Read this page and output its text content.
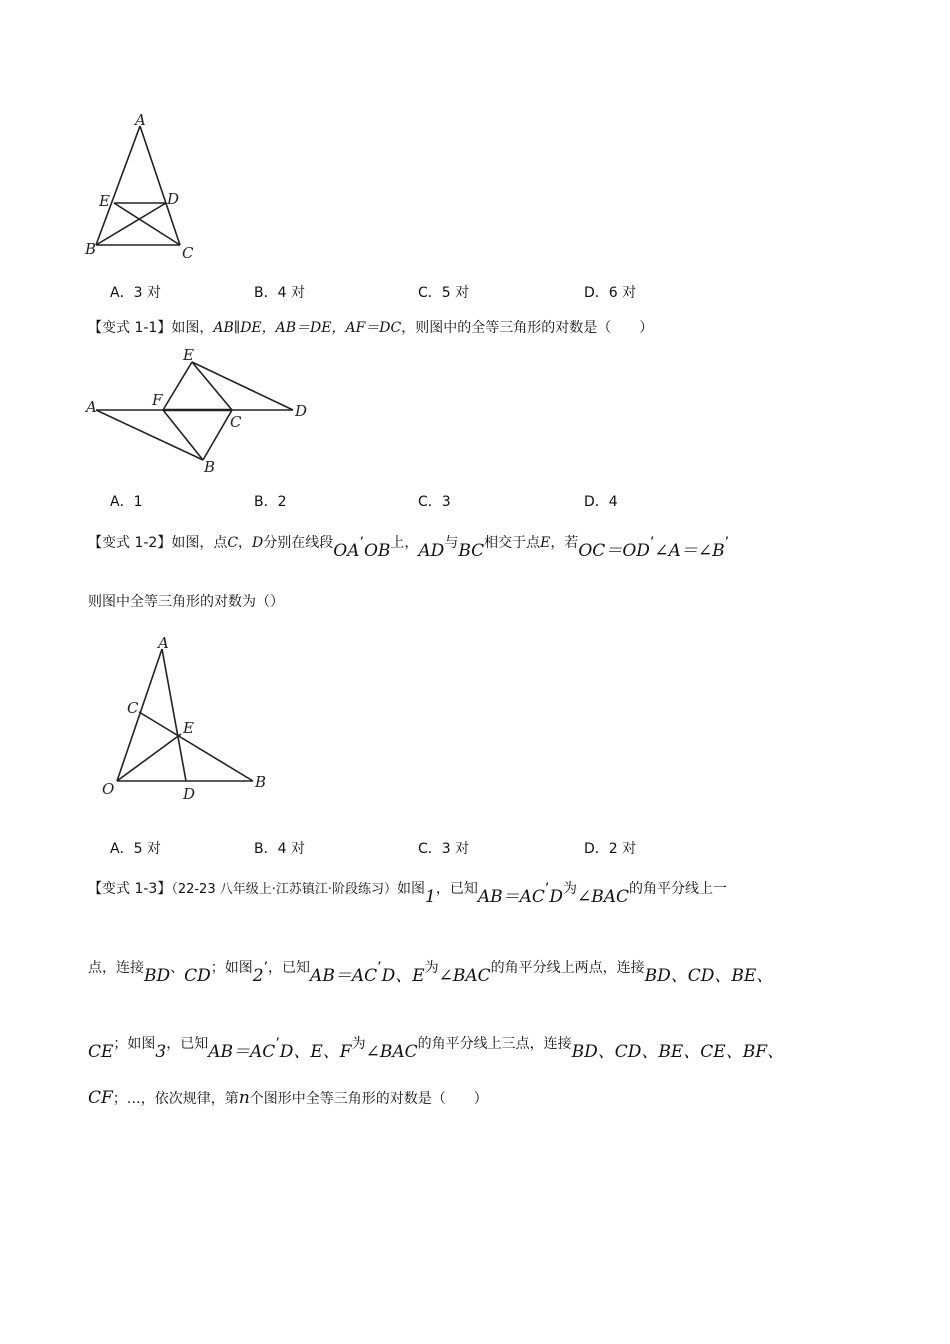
A
E	D
B	C
A．3 对	B．4 对	C．5 对	D．6 对
【变式 1-1】如图，AB∥DE，AB＝DE，AF＝DC，则图中的全等三角形的对数是（　　）
E
A	F
C
D
B
A．1	B．2	C．3	D．4
【变式 1-2】如图，点C，D分别在线段OA’OB上，AD与BC相交于点E，若OC＝OD’∠A＝∠B’
则图中全等三角形的对数为（）
A
C
E
O	D
B
A．5 对	B．4 对	C．3 对	D．2 对
【变式 1-3】（22-23 八年级上·江苏镇江·阶段练习）如图1，已知AB＝AC’D为∠BAC的角平分线上一
点，连接BD、CD；如图2’，已知AB＝AC’D、E为∠BAC的角平分线上两点，连接BD、CD、BE、
CE；如图3，已知AB＝AC’D、E、F为∠BAC的角平分线上三点，连接BD、CD、BE、CE、BF、
CF；…，依次规律，第n个图形中全等三角形的对数是（　　）
